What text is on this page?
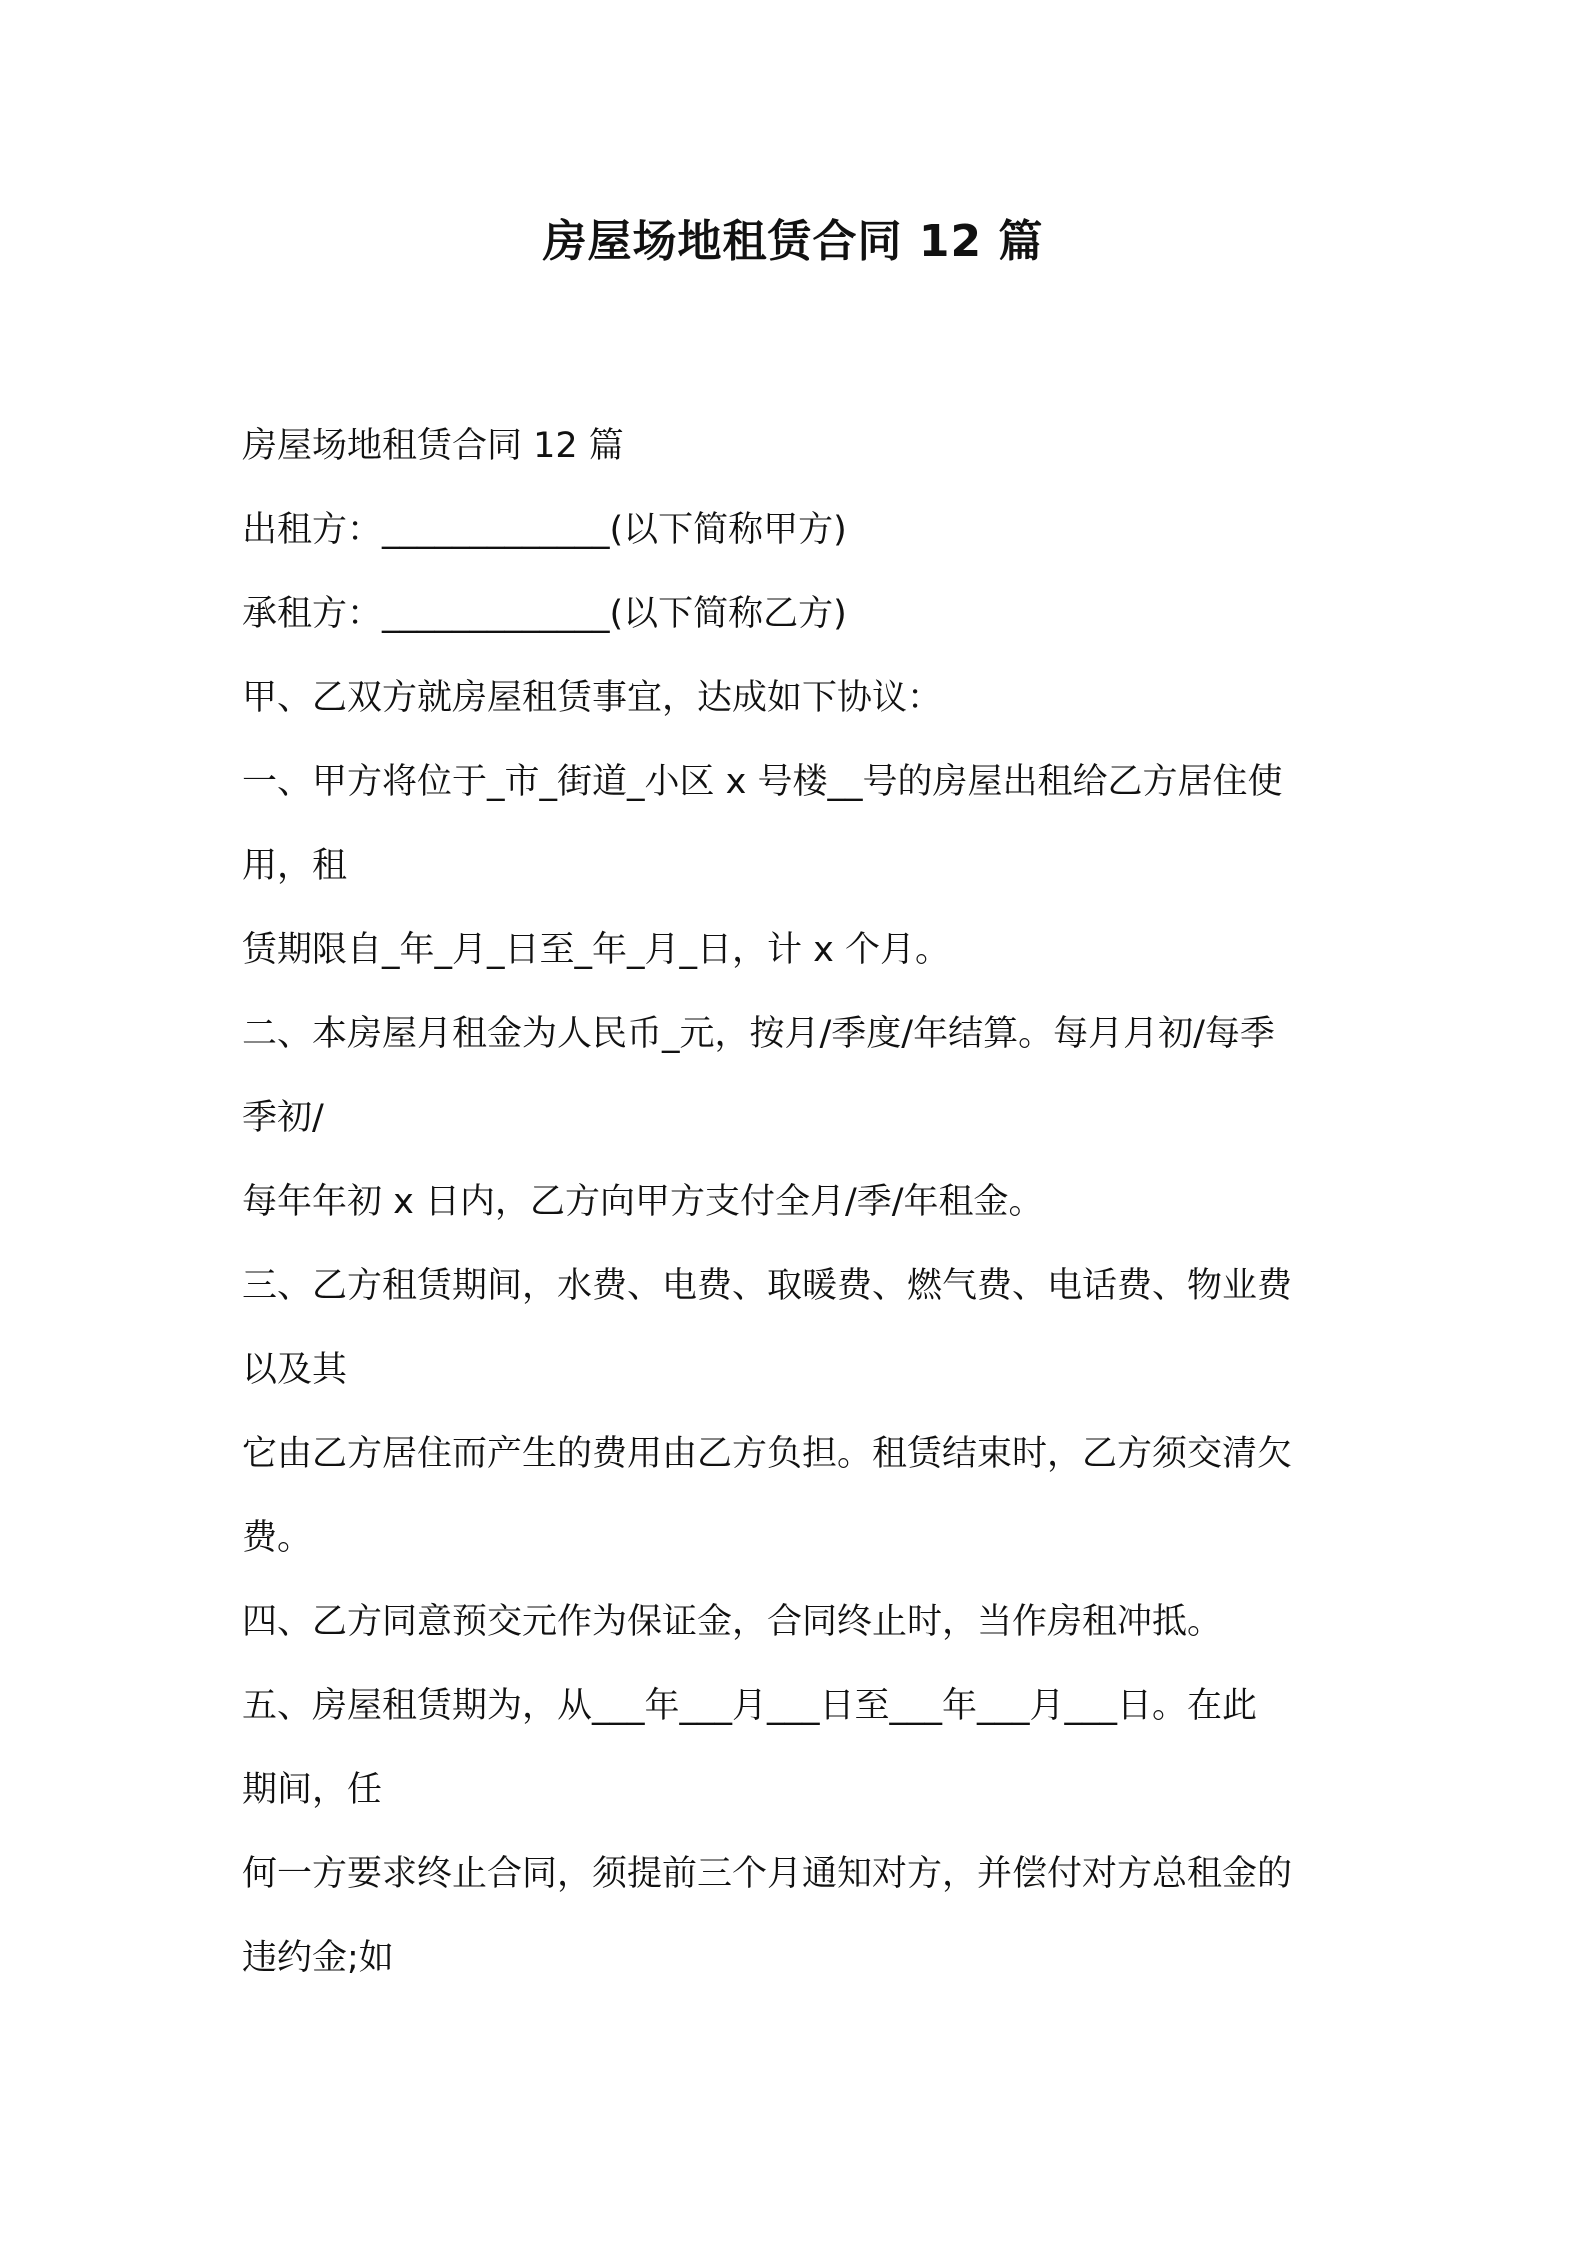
房屋场地租赁合同 12 篇
房屋场地租赁合同 12 篇
出租方：_____________(以下简称甲方)
承租方：_____________(以下简称乙方)
甲、乙双方就房屋租赁事宜，达成如下协议：
一、甲方将位于_市_街道_小区 x 号楼__号的房屋出租给乙方居住使
用，租
赁期限自_年_月_日至_年_月_日，计 x 个月。
二、本房屋月租金为人民币_元，按月/季度/年结算。每月月初/每季
季初/
每年年初 x 日内，乙方向甲方支付全月/季/年租金。
三、乙方租赁期间，水费、电费、取暖费、燃气费、电话费、物业费
以及其
它由乙方居住而产生的费用由乙方负担。租赁结束时，乙方须交清欠
费。
四、乙方同意预交元作为保证金，合同终止时，当作房租冲抵。
五、房屋租赁期为，从___年___月___日至___年___月___日。在此
期间，任
何一方要求终止合同，须提前三个月通知对方，并偿付对方总租金的
违约金;如
